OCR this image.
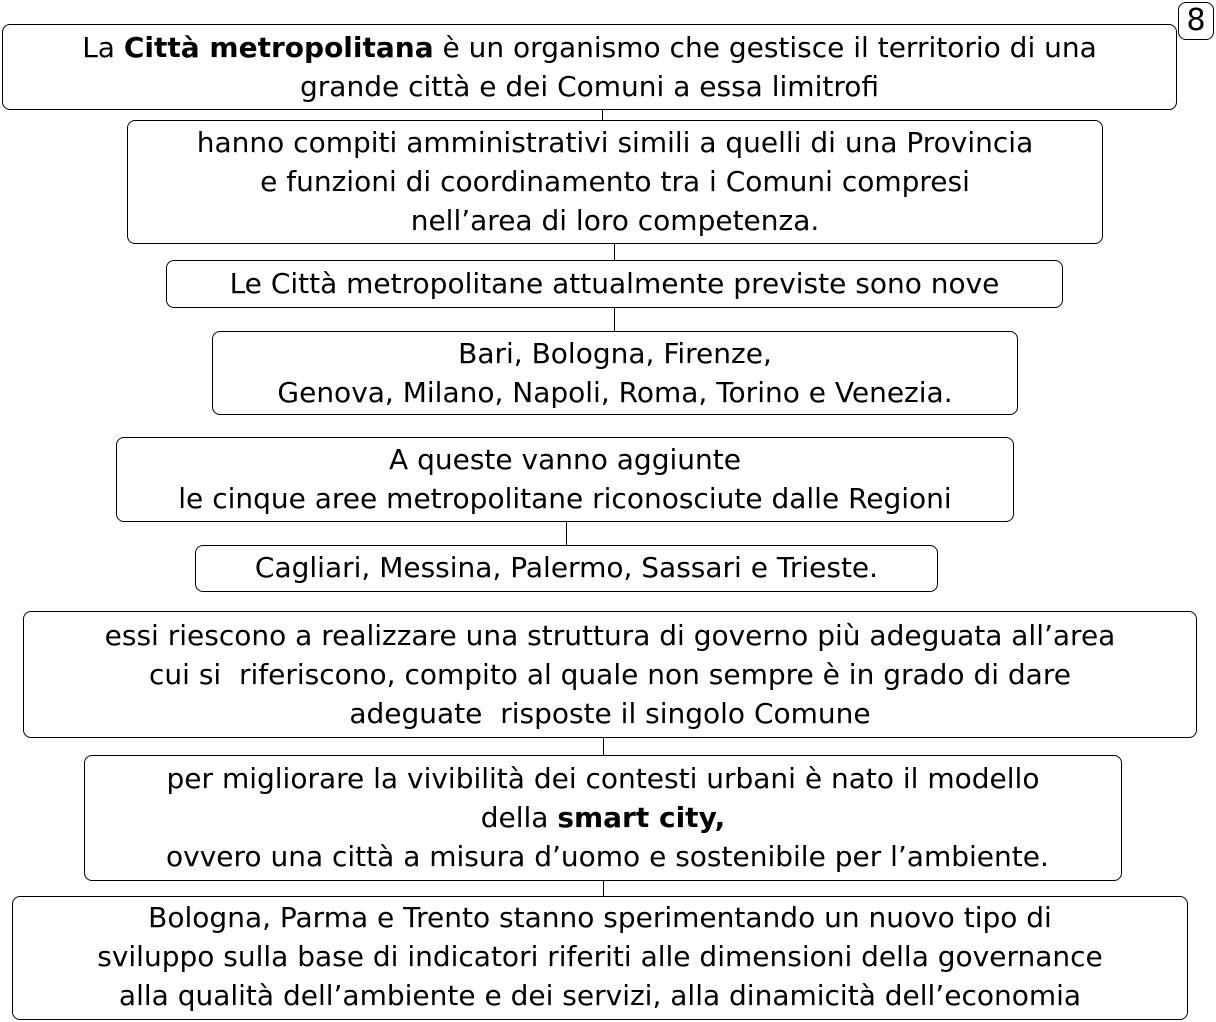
La Città metropolitana è un organismo che gestisce il territorio di una
grande città e dei Comuni a essa limitrofi
8
hanno compiti amministrativi simili a quelli di una Provincia
e funzioni di coordinamento tra i Comuni compresi
nell’area di loro competenza.
Le Città metropolitane attualmente previste sono nove
Bari, Bologna, Firenze,
Genova, Milano, Napoli, Roma, Torino e Venezia.
A queste vanno aggiunte
le cinque aree metropolitane riconosciute dalle Regioni
Cagliari, Messina, Palermo, Sassari e Trieste.
essi riescono a realizzare una struttura di governo più adeguata all’area
cui si  riferiscono, compito al quale non sempre è in grado di dare
adeguate  risposte il singolo Comune
per migliorare la vivibilità dei contesti urbani è nato il modello
della smart city,
ovvero una città a misura d’uomo e sostenibile per l’ambiente.
Bologna, Parma e Trento stanno sperimentando un nuovo tipo di
sviluppo sulla base di indicatori riferiti alle dimensioni della governance
alla qualità dell’ambiente e dei servizi, alla dinamicità dell’economia
